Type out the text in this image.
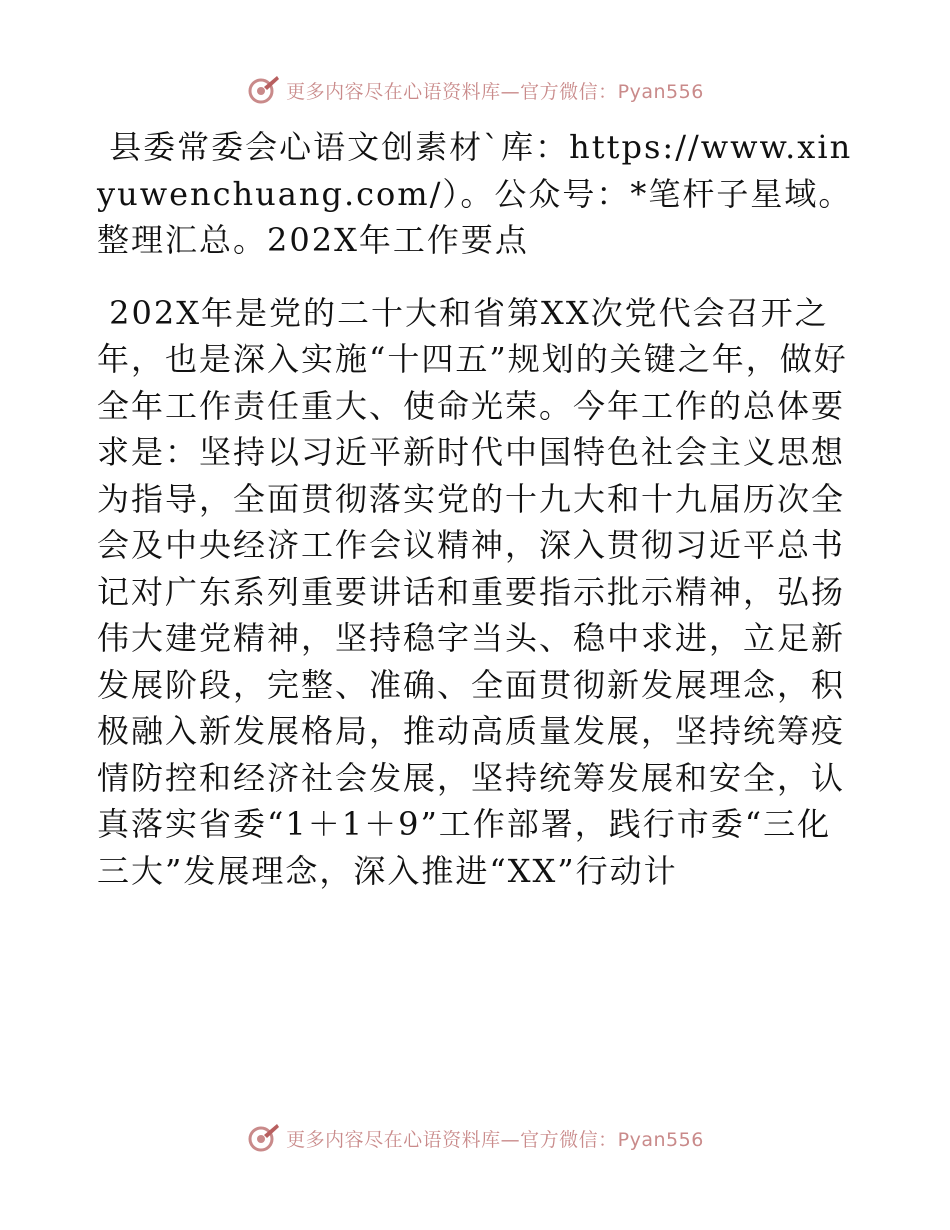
更多内容尽在心语资料库—官方微信：Pyan556

县委常委会心语文创素材`库：https://www.xinyuwenchuang.com/）。公众号：*笔杆子星域。整理汇总。202X年工作要点

202X年是党的二十大和省第XX次党代会召开之年，也是深入实施“十四五”规划的关键之年，做好全年工作责任重大、使命光荣。今年工作的总体要求是：坚持以习近平新时代中国特色社会主义思想为指导，全面贯彻落实党的十九大和十九届历次全会及中央经济工作会议精神，深入贯彻习近平总书记对广东系列重要讲话和重要指示批示精神，弘扬伟大建党精神，坚持稳字当头、稳中求进，立足新发展阶段，完整、准确、全面贯彻新发展理念，积极融入新发展格局，推动高质量发展，坚持统筹疫情防控和经济社会发展，坚持统筹发展和安全，认真落实省委“1＋1＋9”工作部署，践行市委“三化三大”发展理念，深入推进“XX”行动计

更多内容尽在心语资料库—官方微信：Pyan556
